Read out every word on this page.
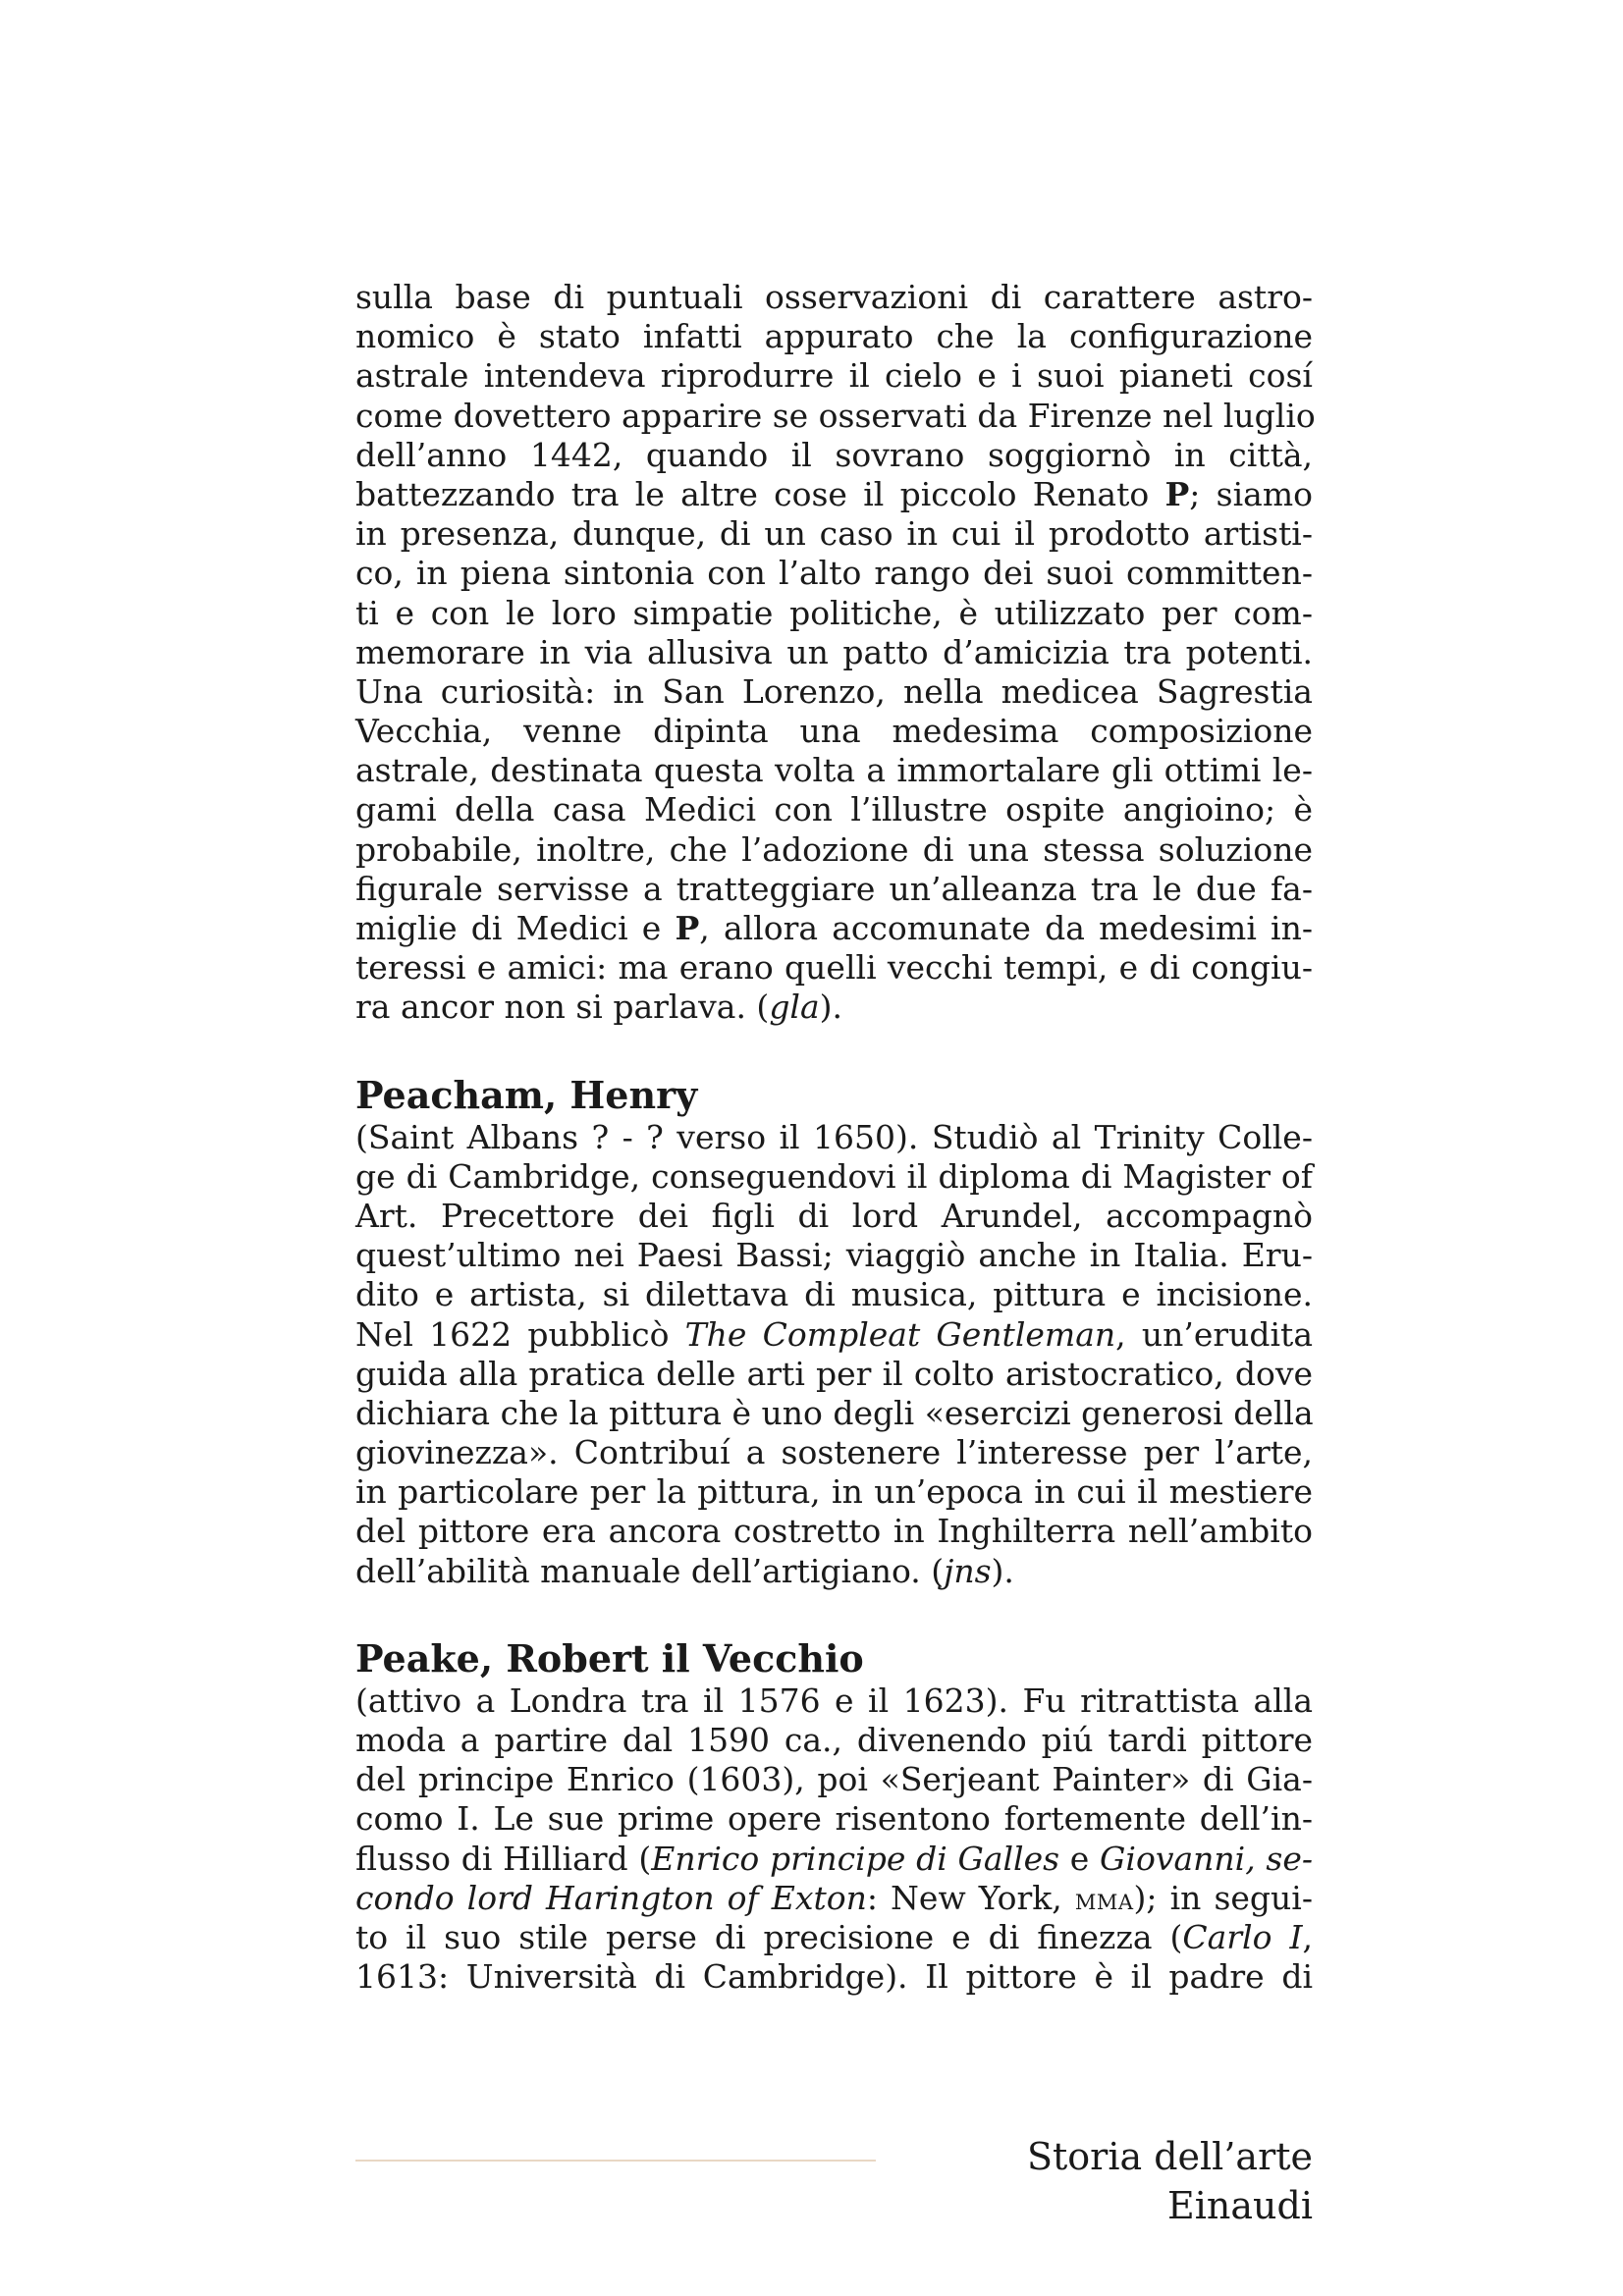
sulla base di puntuali osservazioni di carattere astro-
nomico è stato infatti appurato che la configurazione
astrale intendeva riprodurre il cielo e i suoi pianeti cosí
come dovettero apparire se osservati da Firenze nel luglio
dell’anno 1442, quando il sovrano soggiornò in città,
battezzando tra le altre cose il piccolo Renato P; siamo
in presenza, dunque, di un caso in cui il prodotto artisti-
co, in piena sintonia con l’alto rango dei suoi committen-
ti e con le loro simpatie politiche, è utilizzato per com-
memorare in via allusiva un patto d’amicizia tra potenti.
Una curiosità: in San Lorenzo, nella medicea Sagrestia
Vecchia, venne dipinta una medesima composizione
astrale, destinata questa volta a immortalare gli ottimi le-
gami della casa Medici con l’illustre ospite angioino; è
probabile, inoltre, che l’adozione di una stessa soluzione
figurale servisse a tratteggiare un’alleanza tra le due fa-
miglie di Medici e P, allora accomunate da medesimi in-
teressi e amici: ma erano quelli vecchi tempi, e di congiu-
ra ancor non si parlava. (gla).
Peacham, Henry
(Saint Albans ? - ? verso il 1650). Studiò al Trinity Colle-
ge di Cambridge, conseguendovi il diploma di Magister of
Art. Precettore dei figli di lord Arundel, accompagnò
quest’ultimo nei Paesi Bassi; viaggiò anche in Italia. Eru-
dito e artista, si dilettava di musica, pittura e incisione.
Nel 1622 pubblicò The Compleat Gentleman, un’erudita
guida alla pratica delle arti per il colto aristocratico, dove
dichiara che la pittura è uno degli «esercizi generosi della
giovinezza». Contribuí a sostenere l’interesse per l’arte,
in particolare per la pittura, in un’epoca in cui il mestiere
del pittore era ancora costretto in Inghilterra nell’ambito
dell’abilità manuale dell’artigiano. (jns).
Peake, Robert il Vecchio
(attivo a Londra tra il 1576 e il 1623). Fu ritrattista alla
moda a partire dal 1590 ca., divenendo piú tardi pittore
del principe Enrico (1603), poi «Serjeant Painter» di Gia-
como I. Le sue prime opere risentono fortemente dell’in-
flusso di Hilliard (Enrico principe di Galles e Giovanni, se-
condo lord Harington of Exton: New York, mma); in segui-
to il suo stile perse di precisione e di finezza (Carlo I,
1613: Università di Cambridge). Il pittore è il padre di
Storia dell’arte Einaudi
